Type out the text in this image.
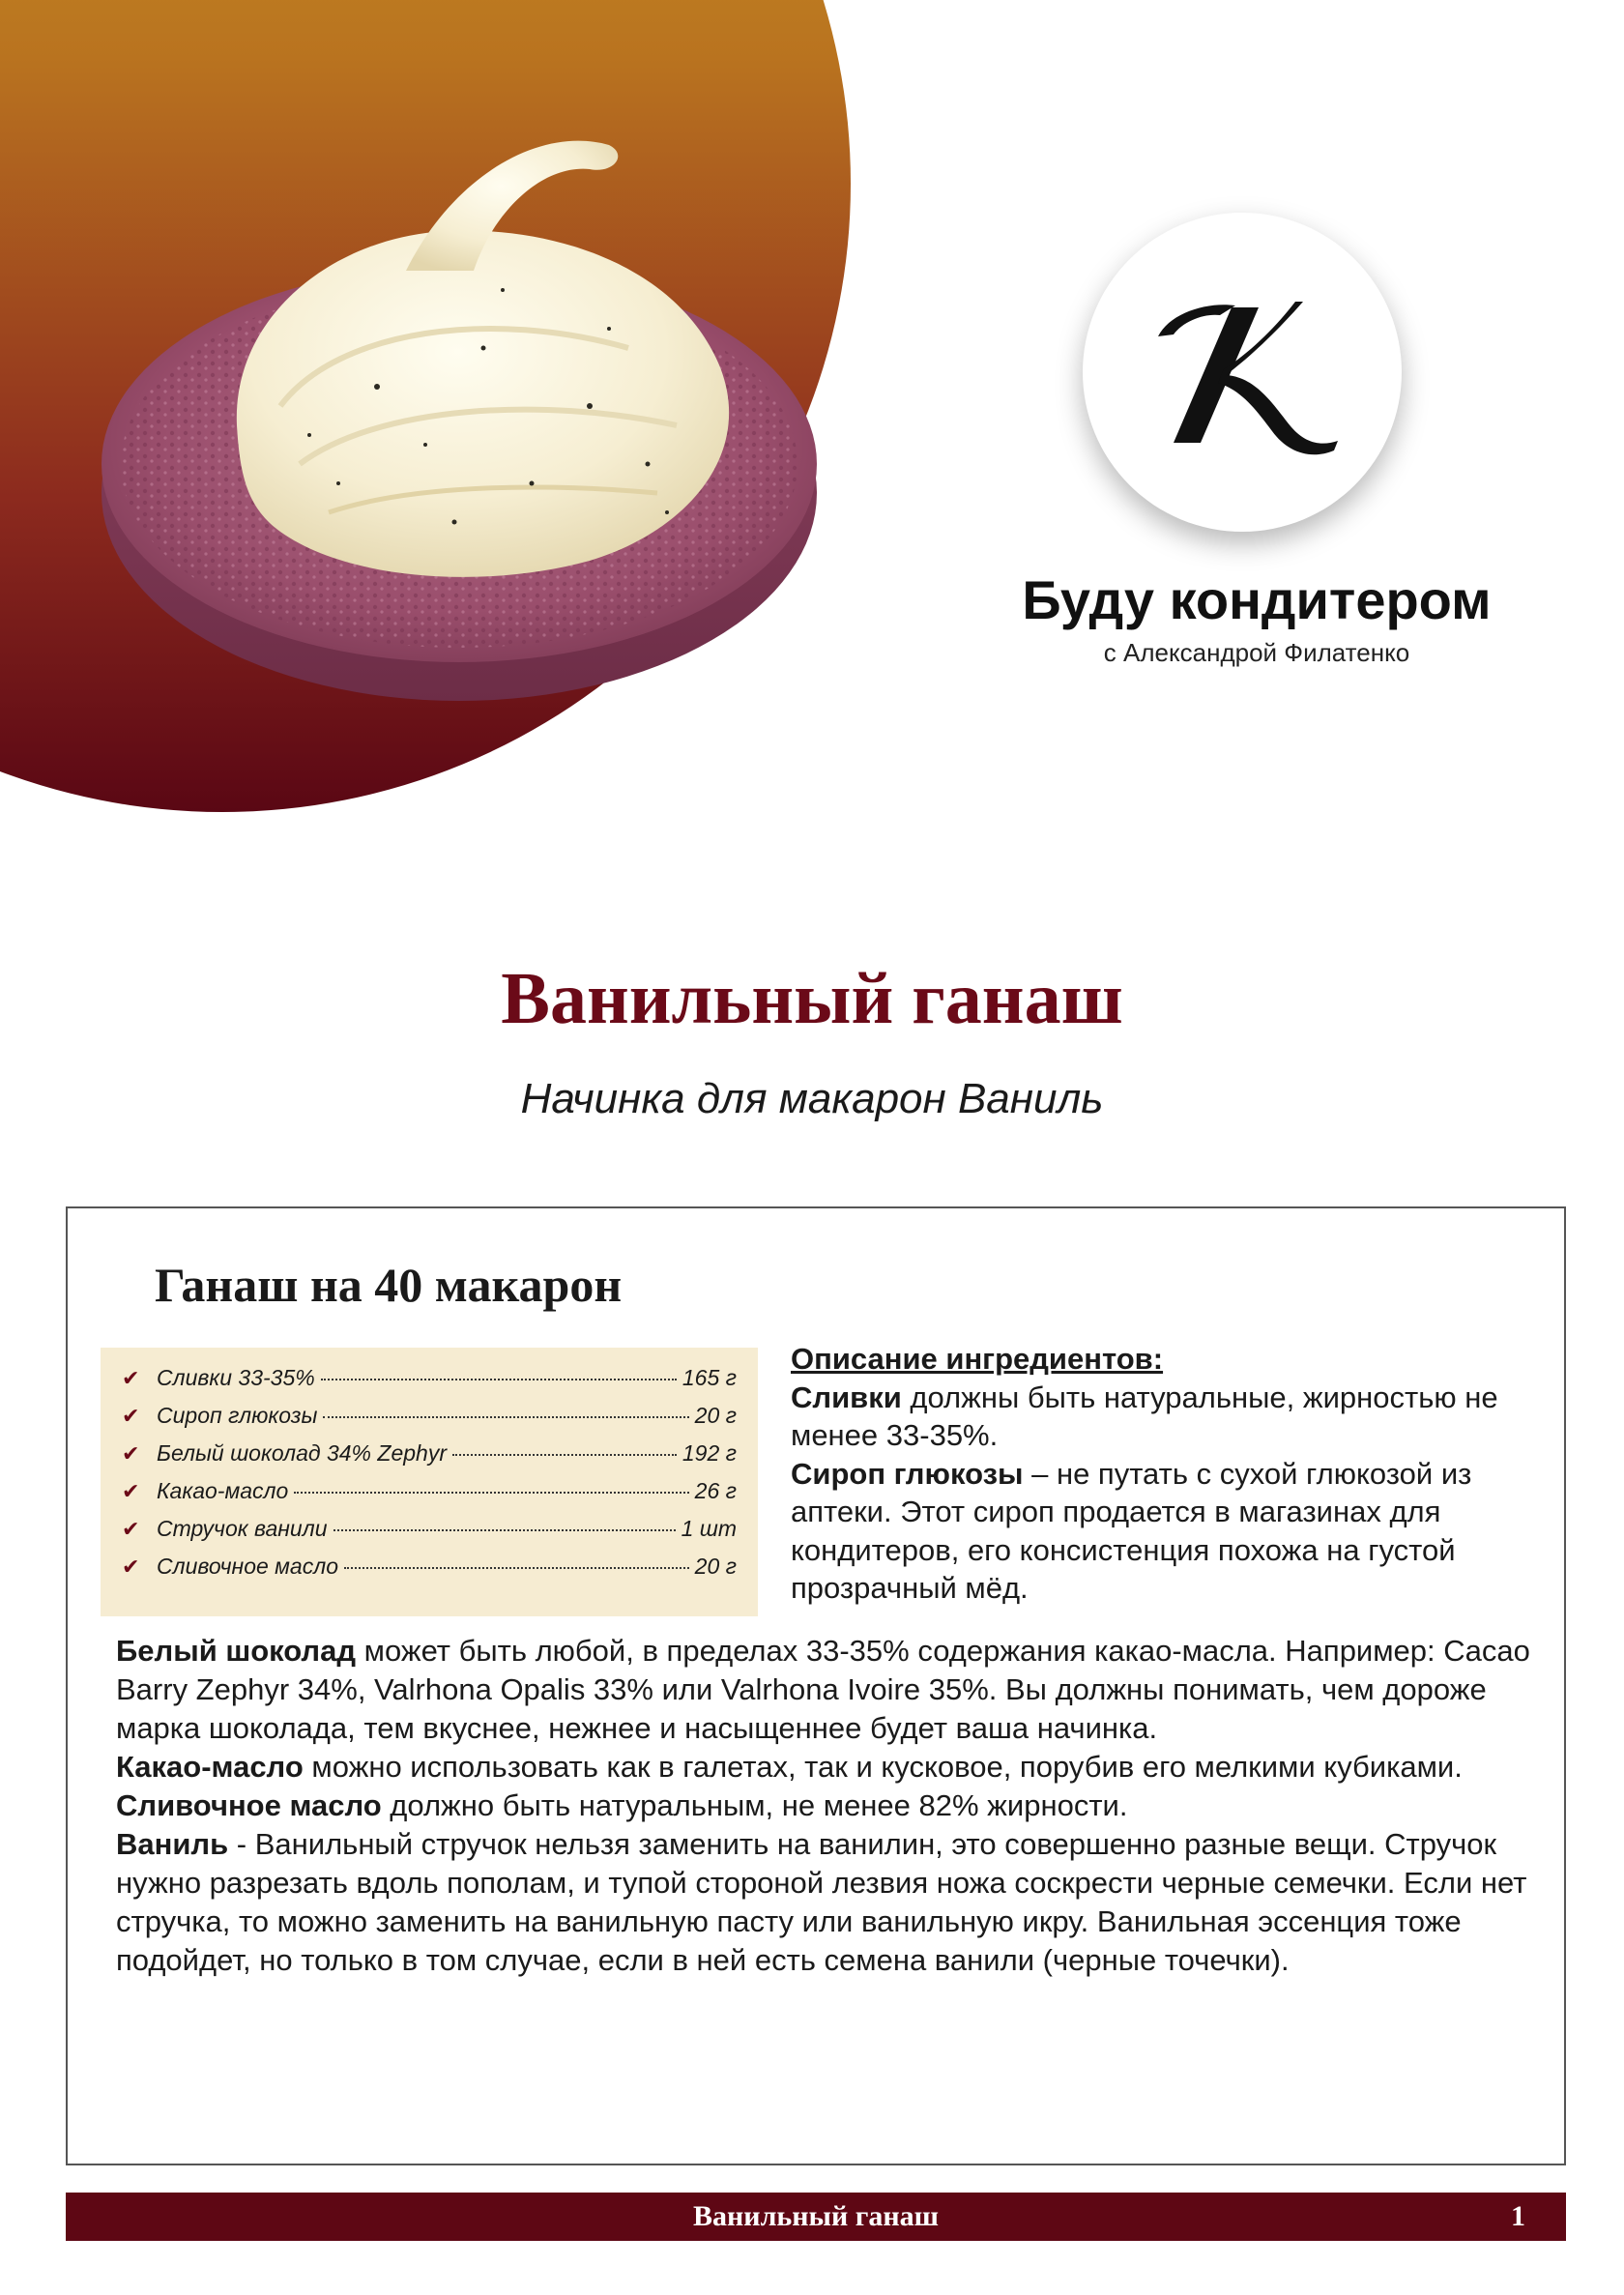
Буду кондитером

с Александрой Филатенко

Ванильный ганаш

Начинка для макарон Ваниль

Ганаш на 40 макарон
✔ Сливки 33-35%	165 г
✔ Сироп глюкозы	20 г
✔ Белый шоколад 34% Zephyr	192 г
✔ Какао-масло	26 г
✔ Стручок ванили	1 шт
✔ Сливочное масло	20 г
Описание ингредиентов:

Сливки должны быть натуральные, жирностью не менее 33-35%.

Сироп глюкозы – не путать с сухой глюкозой из аптеки. Этот сироп продается в магазинах для кондитеров, его консистенция похожа на густой прозрачный мёд.

Белый шоколад может быть любой, в пределах 33-35% содержания какао-масла. Например: Cacao Barry Zephyr 34%, Valrhona Opalis 33% или Valrhona Ivoire 35%. Вы должны понимать, чем дороже марка шоколада, тем вкуснее, нежнее и насыщеннее будет ваша начинка.

Какао-масло можно использовать как в галетах, так и кусковое, порубив его мелкими кубиками.

Сливочное масло должно быть натуральным, не менее 82% жирности.

Ваниль - Ванильный стручок нельзя заменить на ванилин, это совершенно разные вещи. Стручок нужно разрезать вдоль пополам, и тупой стороной лезвия ножа соскрести черные семечки. Если нет стручка, то можно заменить на ванильную пасту или ванильную икру. Ванильная эссенция тоже подойдет, но только в том случае, если в ней есть семена ванили (черные точечки).

Ванильный ганаш	1
